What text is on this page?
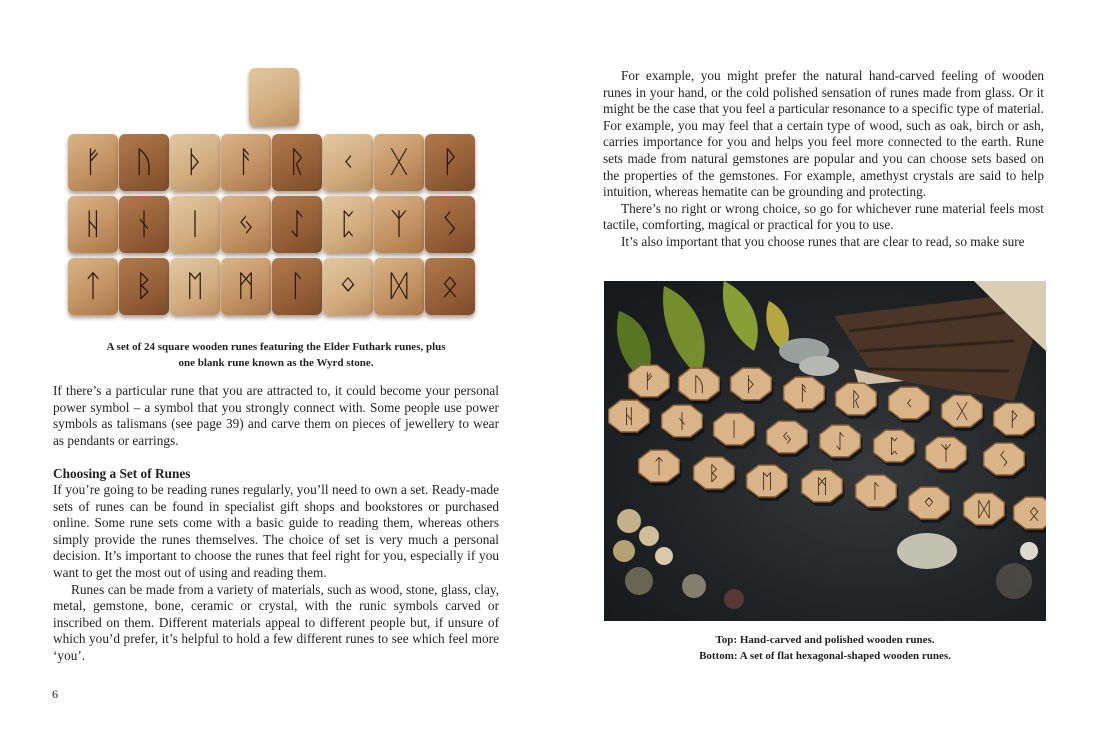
ᚠ ᚢ ᚦ ᚨ ᚱ ᚲ ᚷ ᚹ
ᚺ ᚾ ᛁ ᛃ ᛇ ᛈ ᛉ ᛊ
ᛏ ᛒ ᛖ ᛗ ᛚ ᛜ ᛞ ᛟ
A set of 24 square wooden runes featuring the Elder Futhark runes, plus
one blank rune known as the Wyrd stone.

If there’s a particular rune that you are attracted to, it could become your personal power symbol – a symbol that you strongly connect with. Some people use power symbols as talismans (see page 39) and carve them on pieces of jewellery to wear as pendants or earrings.

Choosing a Set of Runes

If you’re going to be reading runes regularly, you’ll need to own a set. Ready-made sets of runes can be found in specialist gift shops and bookstores or purchased online. Some rune sets come with a basic guide to reading them, whereas others simply provide the runes themselves. The choice of set is very much a personal decision. It’s important to choose the runes that feel right for you, especially if you want to get the most out of using and reading them.

Runes can be made from a variety of materials, such as wood, stone, glass, clay, metal, gemstone, bone, ceramic or crystal, with the runic symbols carved or inscribed on them. Different materials appeal to different people but, if unsure of which you’d prefer, it’s helpful to hold a few different runes to see which feel more ‘you’.

6

For example, you might prefer the natural hand-carved feeling of wooden runes in your hand, or the cold polished sensation of runes made from glass. Or it might be the case that you feel a particular resonance to a specific type of material. For example, you may feel that a certain type of wood, such as oak, birch or ash, carries importance for you and helps you feel more connected to the earth. Rune sets made from natural gemstones are popular and you can choose sets based on the properties of the gemstones. For example, amethyst crystals are said to help intuition, whereas hematite can be grounding and protecting.

There’s no right or wrong choice, so go for whichever rune material feels most tactile, comforting, magical or practical for you to use.

It’s also important that you choose runes that are clear to read, so make sure

ᚠ ᚢ ᚦ ᚨ ᚱ ᚲ ᚷ ᚹ
ᚺ ᚾ ᛁ ᛃ ᛇ ᛈ ᛉ ᛊ
ᛏ ᛒ ᛖ ᛗ ᛚ ᛜ ᛞ ᛟ
Top: Hand-carved and polished wooden runes.
Bottom: A set of flat hexagonal-shaped wooden runes.
